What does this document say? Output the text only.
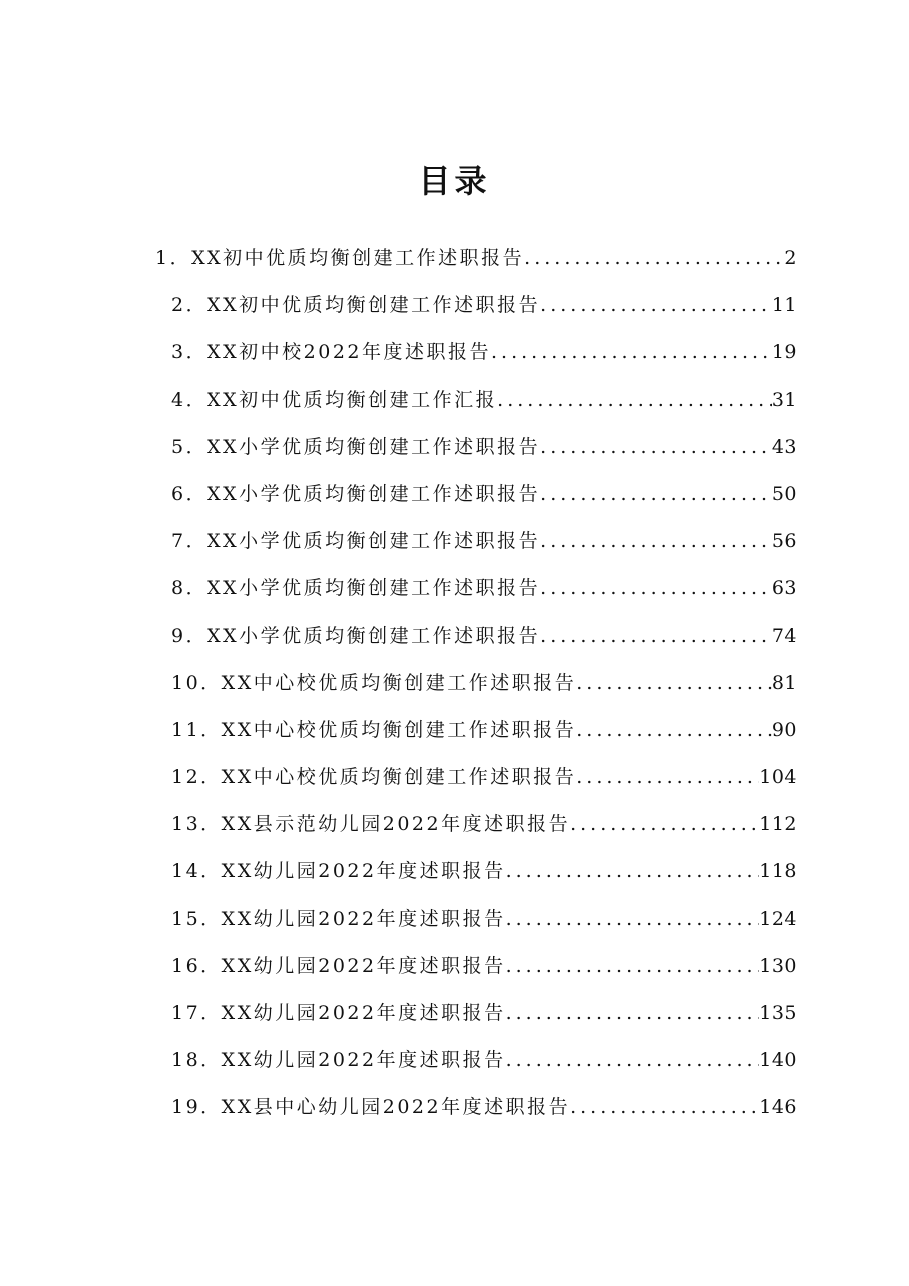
目录
1．XX初中优质均衡创建工作述职报告 .....	2
2．XX初中优质均衡创建工作述职报告 .....	11
3．XX初中校2022年度述职报告 .....	19
4．XX初中优质均衡创建工作汇报 .....	31
5．XX小学优质均衡创建工作述职报告 .....	43
6．XX小学优质均衡创建工作述职报告 .....	50
7．XX小学优质均衡创建工作述职报告 .....	56
8．XX小学优质均衡创建工作述职报告 .....	63
9．XX小学优质均衡创建工作述职报告 .....	74
10．XX中心校优质均衡创建工作述职报告 .....	81
11．XX中心校优质均衡创建工作述职报告 .....	90
12．XX中心校优质均衡创建工作述职报告 .....	104
13．XX县示范幼儿园2022年度述职报告 .....	112
14．XX幼儿园2022年度述职报告 .....	118
15．XX幼儿园2022年度述职报告 .....	124
16．XX幼儿园2022年度述职报告 .....	130
17．XX幼儿园2022年度述职报告 .....	135
18．XX幼儿园2022年度述职报告 .....	140
19．XX县中心幼儿园2022年度述职报告 .....	146
